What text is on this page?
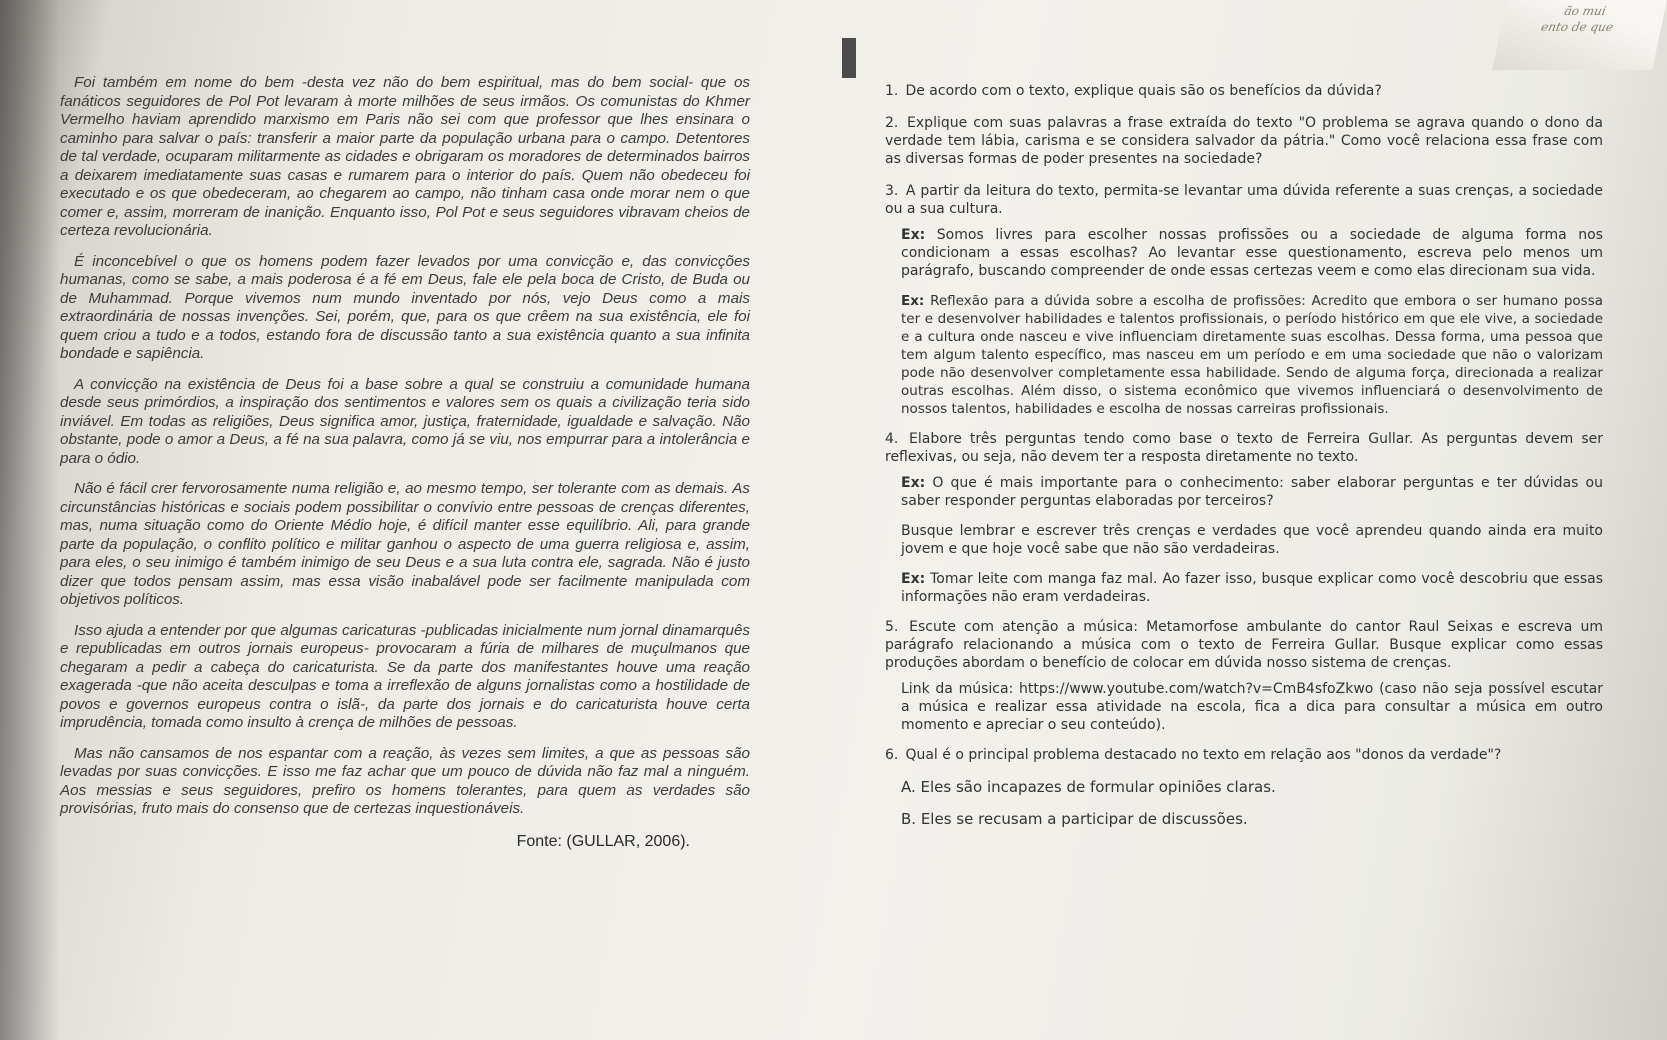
ão mui
ento de que

Foi também em nome do bem -desta vez não do bem espiritual, mas do bem social- que os fanáticos seguidores de Pol Pot levaram à morte milhões de seus irmãos. Os comunistas do Khmer Vermelho haviam aprendido marxismo em Paris não sei com que professor que lhes ensinara o caminho para salvar o país: transferir a maior parte da população urbana para o campo. Detentores de tal verdade, ocuparam militarmente as cidades e obrigaram os moradores de determinados bairros a deixarem imediatamente suas casas e rumarem para o interior do país. Quem não obedeceu foi executado e os que obedeceram, ao chegarem ao campo, não tinham casa onde morar nem o que comer e, assim, morreram de inanição. Enquanto isso, Pol Pot e seus seguidores vibravam cheios de certeza revolucionária.

É inconcebível o que os homens podem fazer levados por uma convicção e, das convicções humanas, como se sabe, a mais poderosa é a fé em Deus, fale ele pela boca de Cristo, de Buda ou de Muhammad. Porque vivemos num mundo inventado por nós, vejo Deus como a mais extraordinária de nossas invenções. Sei, porém, que, para os que crêem na sua existência, ele foi quem criou a tudo e a todos, estando fora de discussão tanto a sua existência quanto a sua infinita bondade e sapiência.

A convicção na existência de Deus foi a base sobre a qual se construiu a comunidade humana desde seus primórdios, a inspiração dos sentimentos e valores sem os quais a civilização teria sido inviável. Em todas as religiões, Deus significa amor, justiça, fraternidade, igualdade e salvação. Não obstante, pode o amor a Deus, a fé na sua palavra, como já se viu, nos empurrar para a intolerância e para o ódio.

Não é fácil crer fervorosamente numa religião e, ao mesmo tempo, ser tolerante com as demais. As circunstâncias históricas e sociais podem possibilitar o convívio entre pessoas de crenças diferentes, mas, numa situação como do Oriente Médio hoje, é difícil manter esse equilíbrio. Ali, para grande parte da população, o conflito político e militar ganhou o aspecto de uma guerra religiosa e, assim, para eles, o seu inimigo é também inimigo de seu Deus e a sua luta contra ele, sagrada. Não é justo dizer que todos pensam assim, mas essa visão inabalável pode ser facilmente manipulada com objetivos políticos.

Isso ajuda a entender por que algumas caricaturas -publicadas inicialmente num jornal dinamarquês e republicadas em outros jornais europeus- provocaram a fúria de milhares de muçulmanos que chegaram a pedir a cabeça do caricaturista. Se da parte dos manifestantes houve uma reação exagerada -que não aceita desculpas e toma a irreflexão de alguns jornalistas como a hostilidade de povos e governos europeus contra o islã-, da parte dos jornais e do caricaturista houve certa imprudência, tomada como insulto à crença de milhões de pessoas.

Mas não cansamos de nos espantar com a reação, às vezes sem limites, a que as pessoas são levadas por suas convicções. E isso me faz achar que um pouco de dúvida não faz mal a ninguém. Aos messias e seus seguidores, prefiro os homens tolerantes, para quem as verdades são provisórias, fruto mais do consenso que de certezas inquestionáveis.

Fonte: (GULLAR, 2006).
1. De acordo com o texto, explique quais são os benefícios da dúvida?
2. Explique com suas palavras a frase extraída do texto "O problema se agrava quando o dono da verdade tem lábia, carisma e se considera salvador da pátria." Como você relaciona essa frase com as diversas formas de poder presentes na sociedade?
3. A partir da leitura do texto, permita-se levantar uma dúvida referente a suas crenças, a sociedade ou a sua cultura.
Ex: Somos livres para escolher nossas profissões ou a sociedade de alguma forma nos condicionam a essas escolhas? Ao levantar esse questionamento, escreva pelo menos um parágrafo, buscando compreender de onde essas certezas veem e como elas direcionam sua vida.
Ex: Reflexão para a dúvida sobre a escolha de profissões: Acredito que embora o ser humano possa ter e desenvolver habilidades e talentos profissionais, o período histórico em que ele vive, a sociedade e a cultura onde nasceu e vive influenciam diretamente suas escolhas. Dessa forma, uma pessoa que tem algum talento específico, mas nasceu em um período e em uma sociedade que não o valorizam pode não desenvolver completamente essa habilidade. Sendo de alguma força, direcionada a realizar outras escolhas. Além disso, o sistema econômico que vivemos influenciará o desenvolvimento de nossos talentos, habilidades e escolha de nossas carreiras profissionais.
4. Elabore três perguntas tendo como base o texto de Ferreira Gullar. As perguntas devem ser reflexivas, ou seja, não devem ter a resposta diretamente no texto.
Ex: O que é mais importante para o conhecimento: saber elaborar perguntas e ter dúvidas ou saber responder perguntas elaboradas por terceiros?
Busque lembrar e escrever três crenças e verdades que você aprendeu quando ainda era muito jovem e que hoje você sabe que não são verdadeiras.
Ex: Tomar leite com manga faz mal. Ao fazer isso, busque explicar como você descobriu que essas informações não eram verdadeiras.
5. Escute com atenção a música: Metamorfose ambulante do cantor Raul Seixas e escreva um parágrafo relacionando a música com o texto de Ferreira Gullar. Busque explicar como essas produções abordam o benefício de colocar em dúvida nosso sistema de crenças.
Link da música: https://www.youtube.com/watch?v=CmB4sfoZkwo (caso não seja possível escutar a música e realizar essa atividade na escola, fica a dica para consultar a música em outro momento e apreciar o seu conteúdo).
6. Qual é o principal problema destacado no texto em relação aos "donos da verdade"?
A. Eles são incapazes de formular opiniões claras.
B. Eles se recusam a participar de discussões.
